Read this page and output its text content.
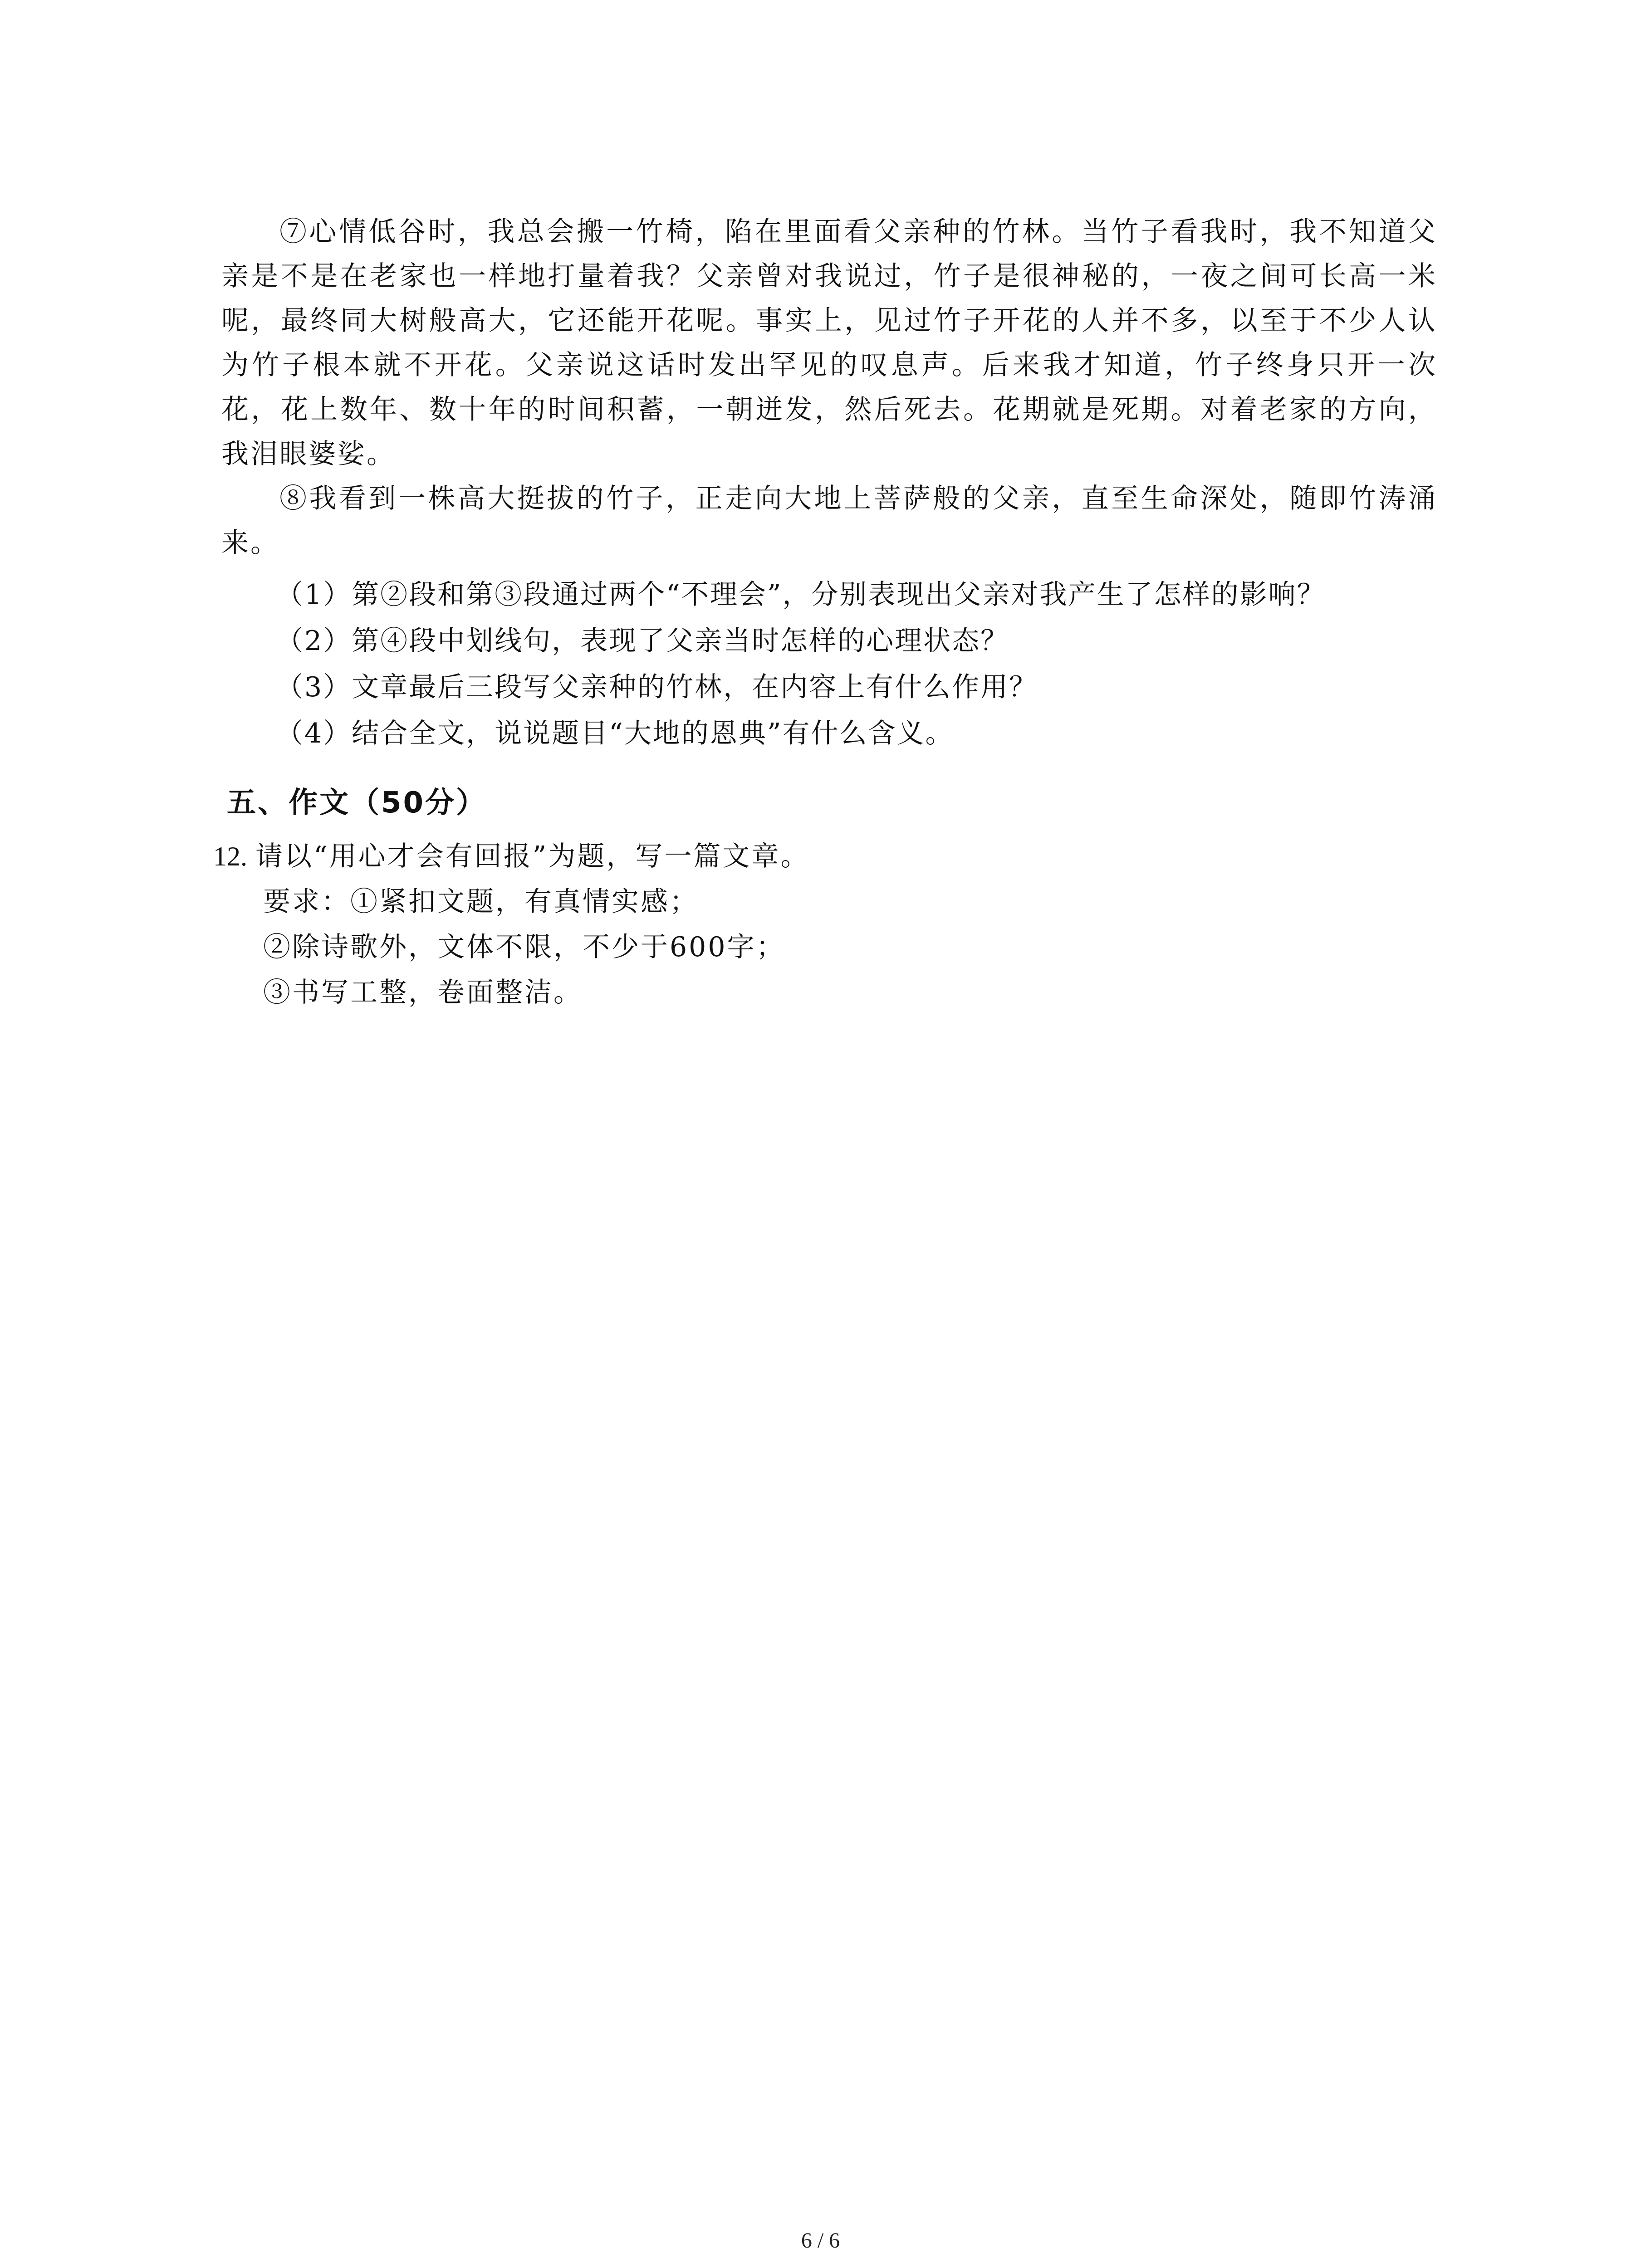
⑦心情低谷时，我总会搬一竹椅，陷在里面看父亲种的竹林。当竹子看我时，我不知道父亲是不是在老家也一样地打量着我？父亲曾对我说过，竹子是很神秘的，一夜之间可长高一米呢，最终同大树般高大，它还能开花呢。事实上，见过竹子开花的人并不多，以至于不少人认为竹子根本就不开花。父亲说这话时发出罕见的叹息声。后来我才知道，竹子终身只开一次花，花上数年、数十年的时间积蓄，一朝迸发，然后死去。花期就是死期。对着老家的方向，我泪眼婆娑。

⑧我看到一株高大挺拔的竹子，正走向大地上菩萨般的父亲，直至生命深处，随即竹涛涌来。

（1）第②段和第③段通过两个“不理会”，分别表现出父亲对我产生了怎样的影响？

（2）第④段中划线句，表现了父亲当时怎样的心理状态？

（3）文章最后三段写父亲种的竹林，在内容上有什么作用？

（4）结合全文，说说题目“大地的恩典”有什么含义。

五、作文（50分）

12. 请以“用心才会有回报”为题，写一篇文章。

要求：①紧扣文题，有真情实感；

②除诗歌外，文体不限，不少于600字；

③书写工整，卷面整洁。

6 / 6
